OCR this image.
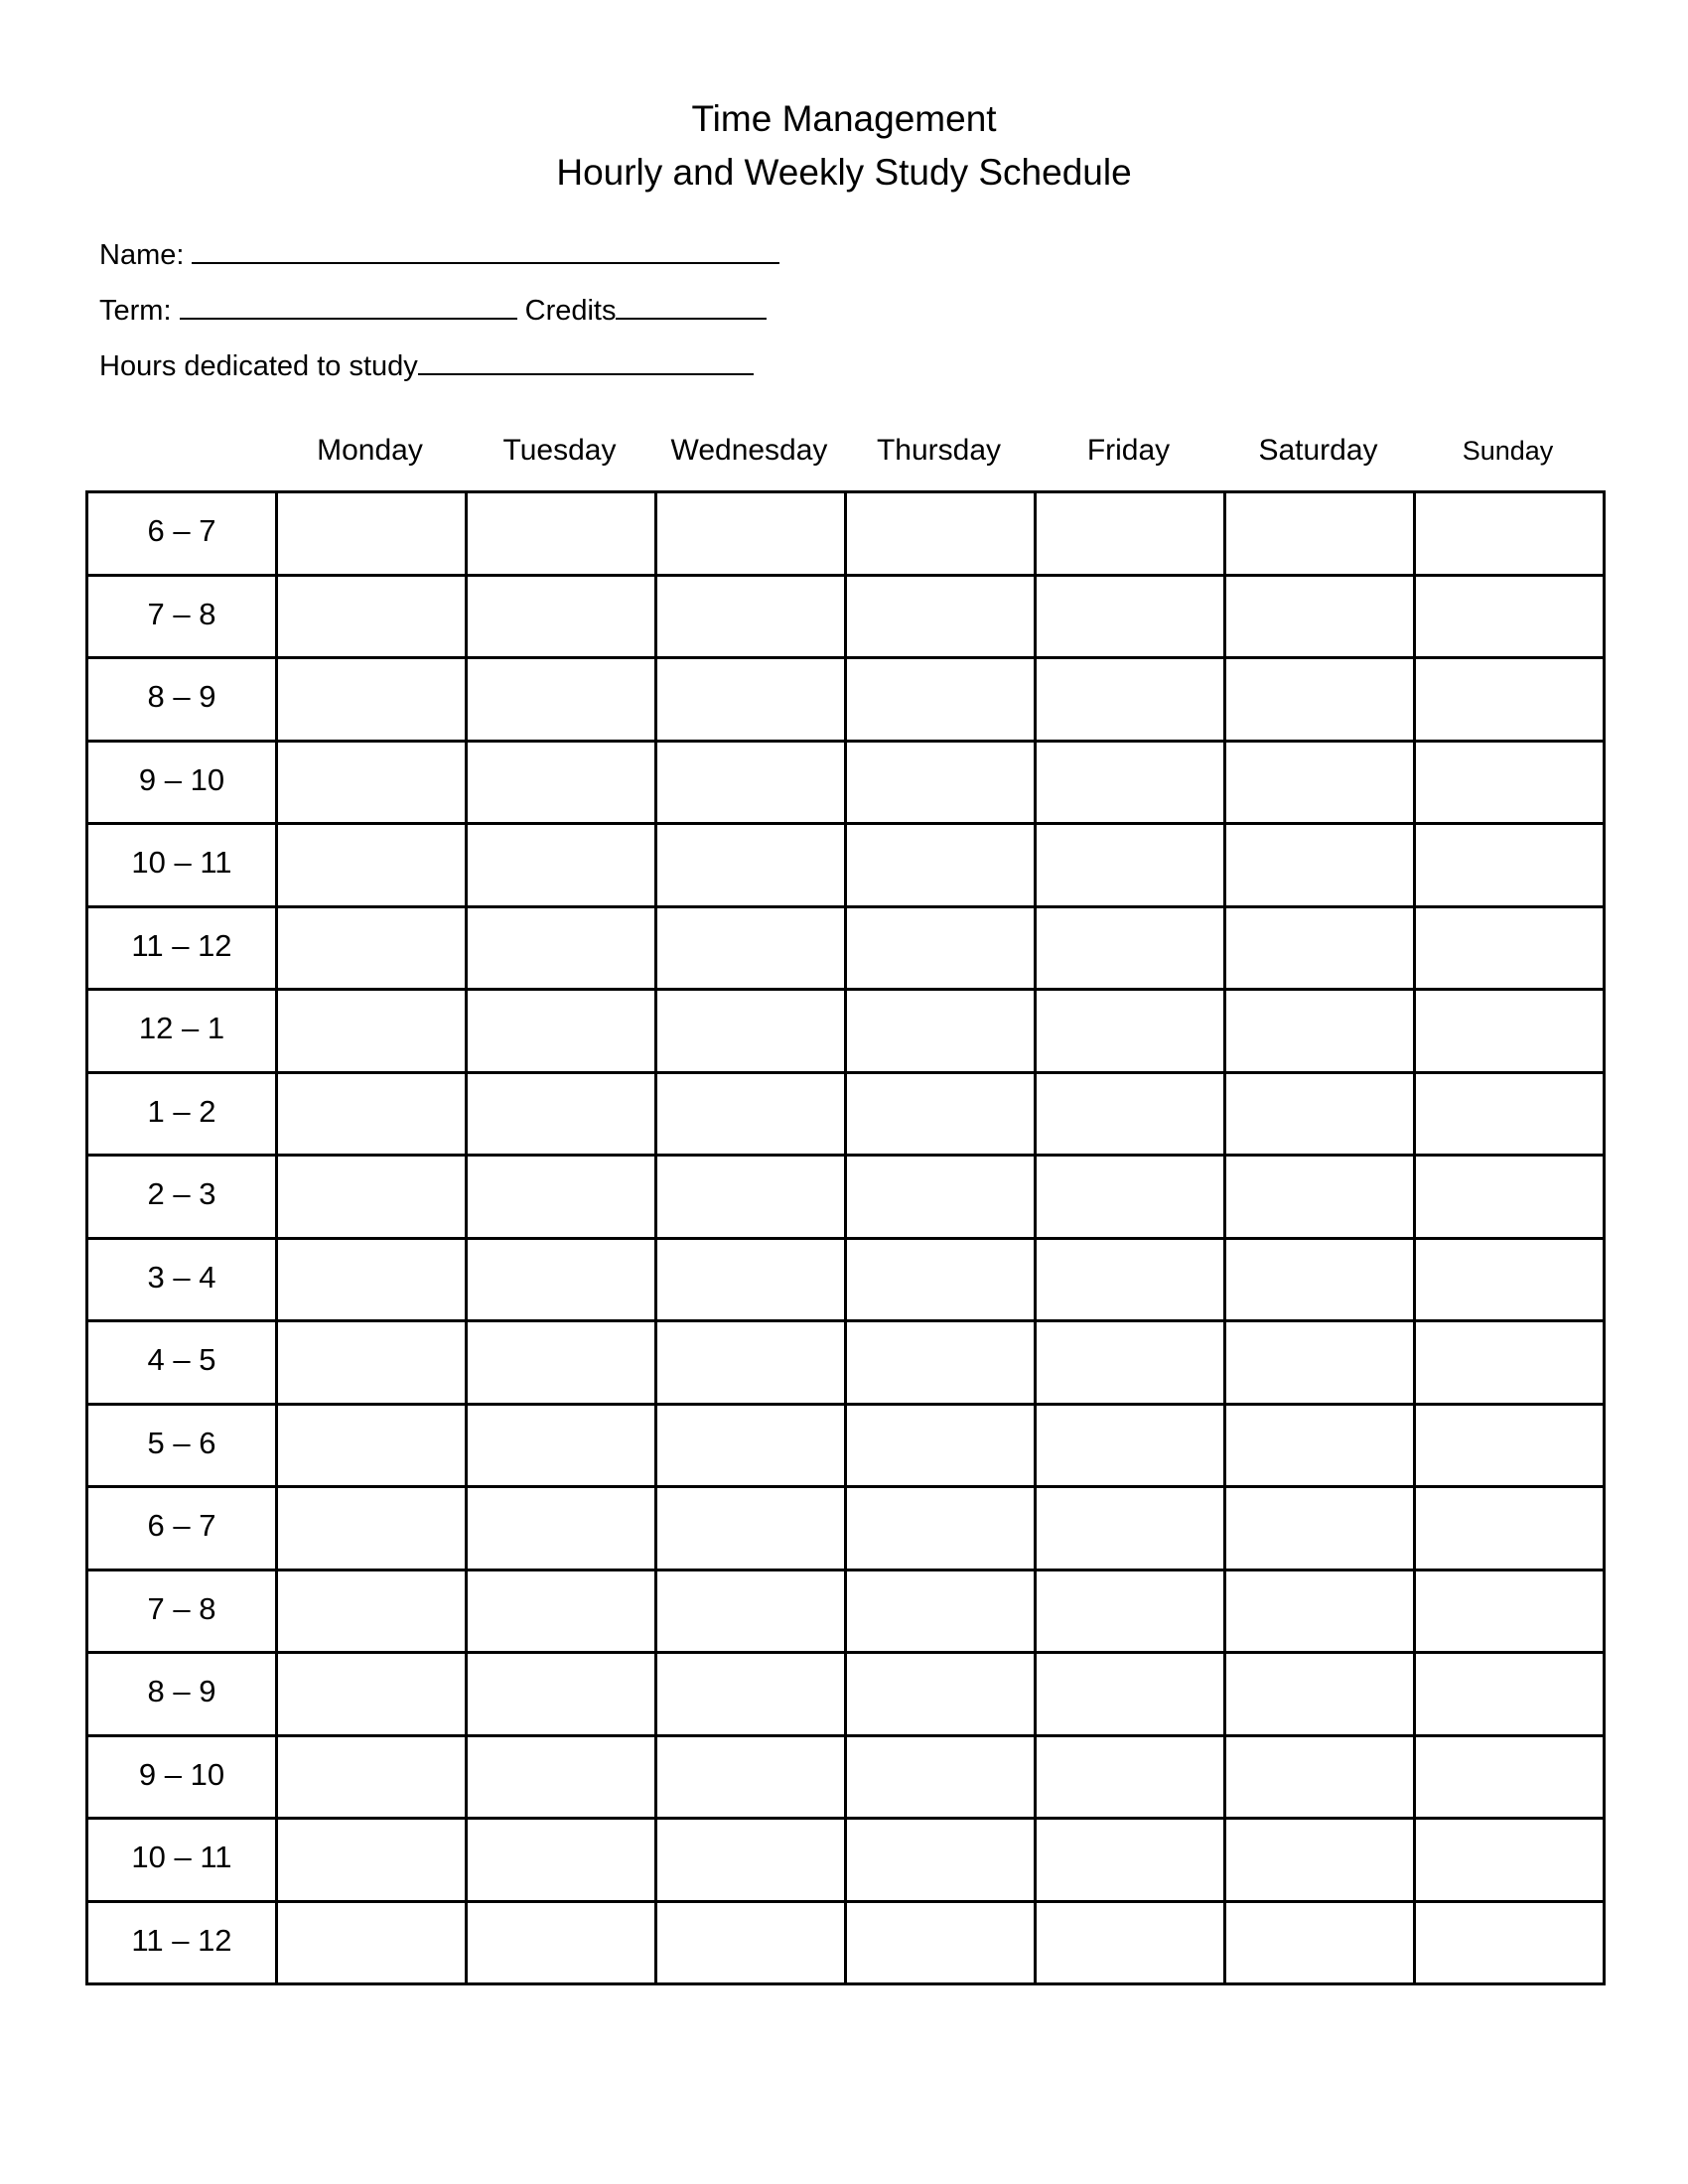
Time Management
Hourly and Weekly Study Schedule
Name:
Term:	Credits
Hours dedicated to study
Monday	Tuesday	Wednesday	Thursday	Friday	Saturday	Sunday
6 – 7							
7 – 8							
8 – 9							
9 – 10							
10 – 11							
11 – 12							
12 – 1							
1 – 2							
2 – 3							
3 – 4							
4 – 5							
5 – 6							
6 – 7							
7 – 8							
8 – 9							
9 – 10							
10 – 11							
11 – 12							
